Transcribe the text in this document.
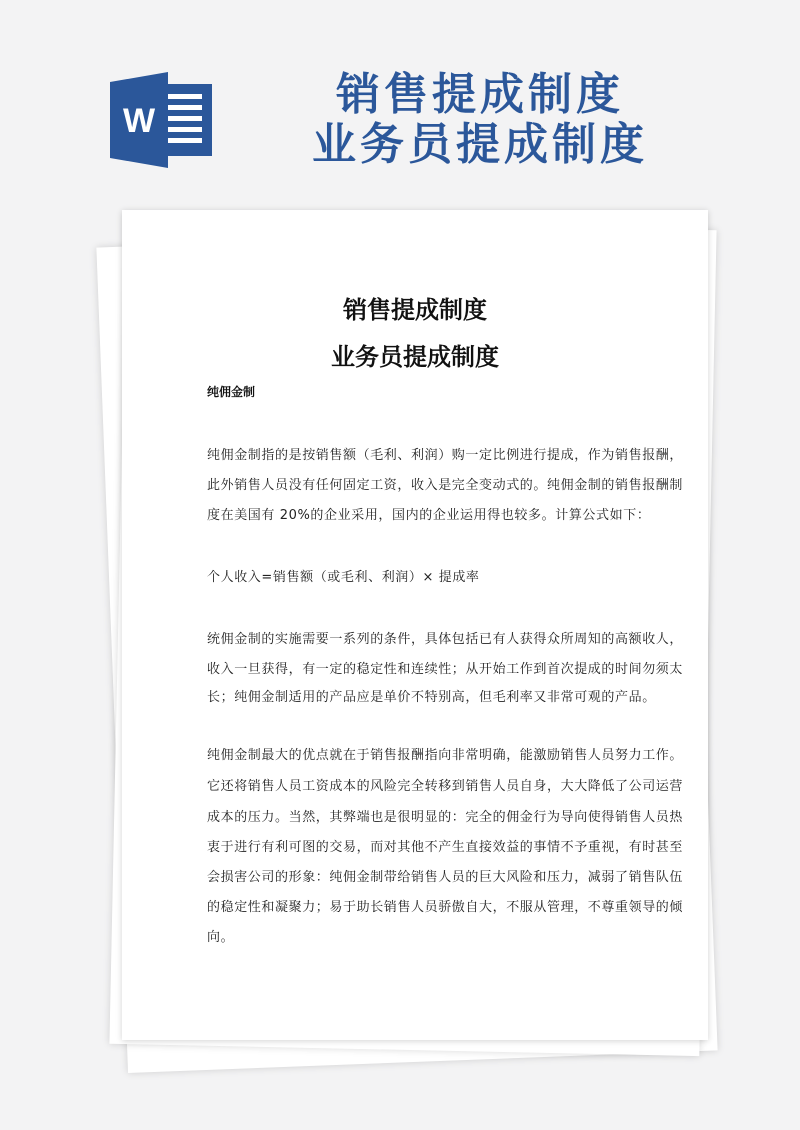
W
销售提成制度
业务员提成制度
销售提成制度
业务员提成制度
纯佣金制
纯佣金制指的是按销售额（毛利、利润）购一定比例进行提成，作为销售报酬，
此外销售人员没有任何固定工资，收入是完全变动式的。纯佣金制的销售报酬制
度在美国有 20%的企业采用，国内的企业运用得也较多。计算公式如下：
个人收入=销售额（或毛利、利润）× 提成率
统佣金制的实施需要一系列的条件，具体包括已有人获得众所周知的高额收人，
收入一旦获得，有一定的稳定性和连续性；从开始工作到首次提成的时间勿须太
长；纯佣金制适用的产品应是单价不特别高，但毛利率又非常可观的产品。
纯佣金制最大的优点就在于销售报酬指向非常明确，能激励销售人员努力工作。
它还将销售人员工资成本的风险完全转移到销售人员自身，大大降低了公司运营
成本的压力。当然，其弊端也是很明显的：完全的佣金行为导向使得销售人员热
衷于进行有利可图的交易，而对其他不产生直接效益的事情不予重视，有时甚至
会损害公司的形象：纯佣金制带给销售人员的巨大风险和压力，减弱了销售队伍
的稳定性和凝聚力；易于助长销售人员骄傲自大，不服从管理，不尊重领导的倾
向。
